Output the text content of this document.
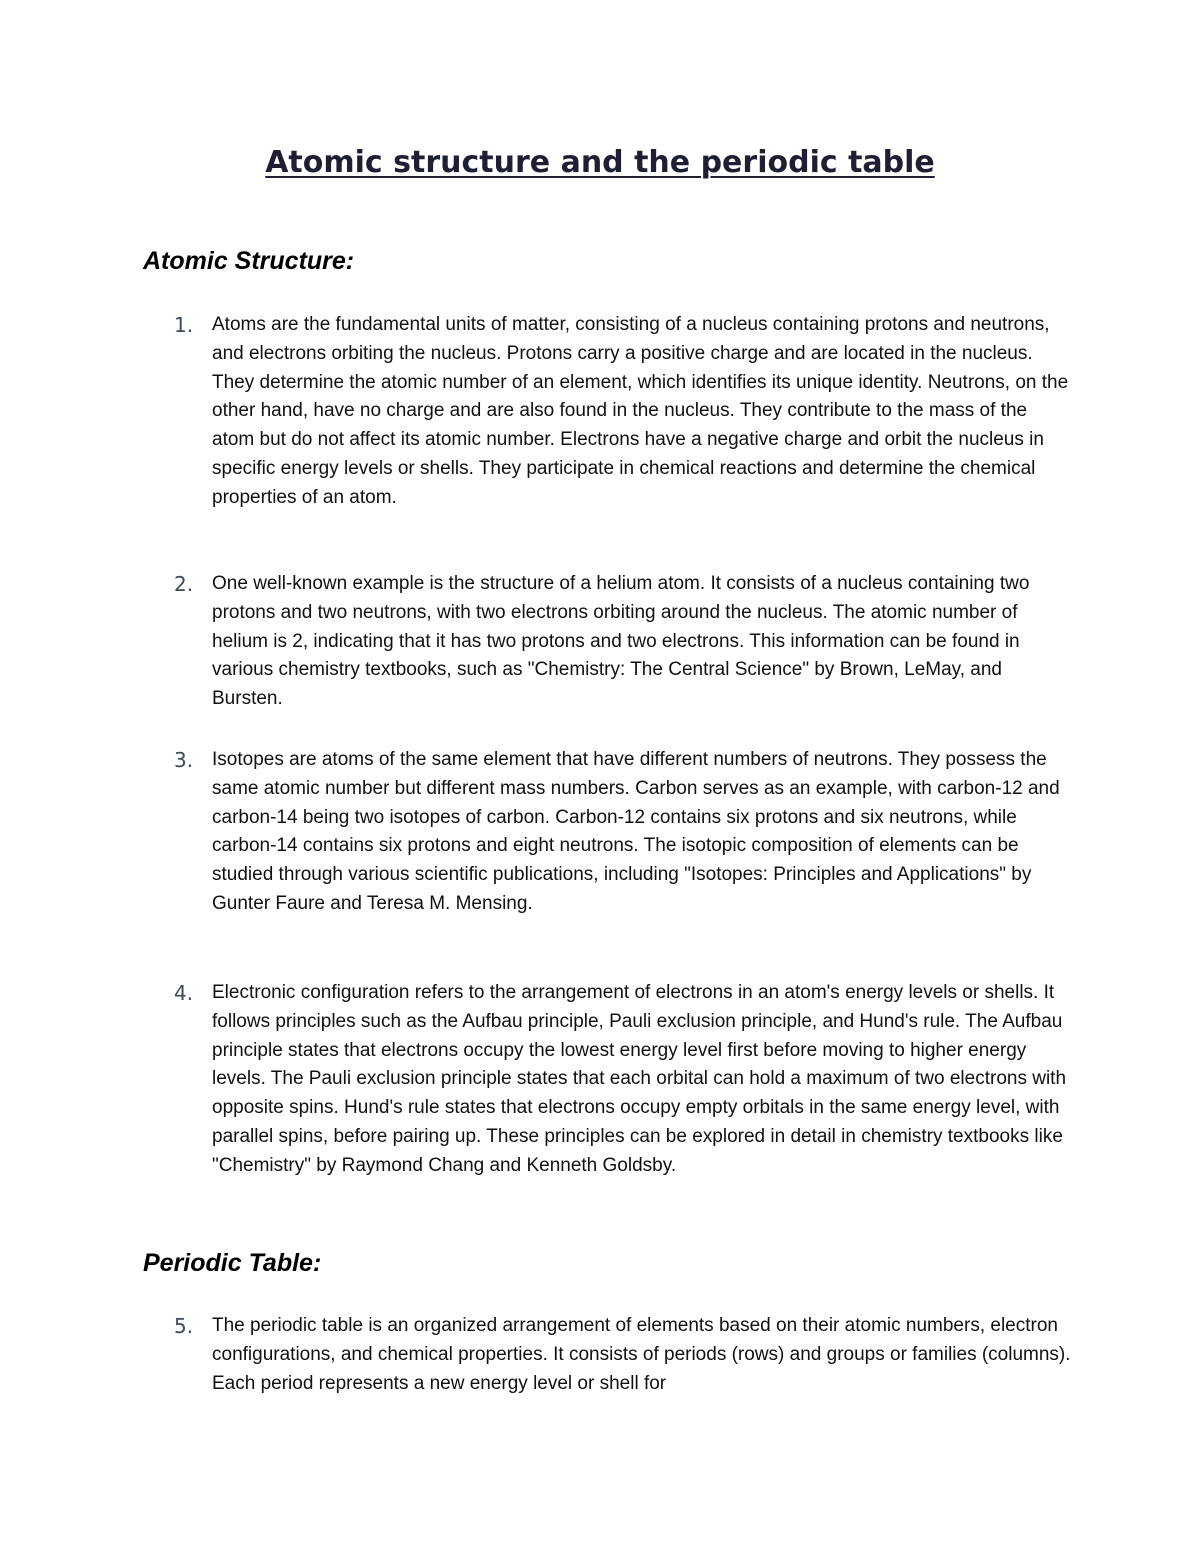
Atomic structure and the periodic table
Atomic Structure:
1. Atoms are the fundamental units of matter, consisting of a nucleus containing protons and neutrons, and electrons orbiting the nucleus. Protons carry a positive charge and are located in the nucleus. They determine the atomic number of an element, which identifies its unique identity. Neutrons, on the other hand, have no charge and are also found in the nucleus. They contribute to the mass of the atom but do not affect its atomic number. Electrons have a negative charge and orbit the nucleus in specific energy levels or shells. They participate in chemical reactions and determine the chemical properties of an atom.

2. One well-known example is the structure of a helium atom. It consists of a nucleus containing two protons and two neutrons, with two electrons orbiting around the nucleus. The atomic number of helium is 2, indicating that it has two protons and two electrons. This information can be found in various chemistry textbooks, such as "Chemistry: The Central Science" by Brown, LeMay, and Bursten.

3. Isotopes are atoms of the same element that have different numbers of neutrons. They possess the same atomic number but different mass numbers. Carbon serves as an example, with carbon-12 and carbon-14 being two isotopes of carbon. Carbon-12 contains six protons and six neutrons, while carbon-14 contains six protons and eight neutrons. The isotopic composition of elements can be studied through various scientific publications, including "Isotopes: Principles and Applications" by Gunter Faure and Teresa M. Mensing.

4. Electronic configuration refers to the arrangement of electrons in an atom's energy levels or shells. It follows principles such as the Aufbau principle, Pauli exclusion principle, and Hund's rule. The Aufbau principle states that electrons occupy the lowest energy level first before moving to higher energy levels. The Pauli exclusion principle states that each orbital can hold a maximum of two electrons with opposite spins. Hund's rule states that electrons occupy empty orbitals in the same energy level, with parallel spins, before pairing up. These principles can be explored in detail in chemistry textbooks like "Chemistry" by Raymond Chang and Kenneth Goldsby.

Periodic Table:
5. The periodic table is an organized arrangement of elements based on their atomic numbers, electron configurations, and chemical properties. It consists of periods (rows) and groups or families (columns). Each period represents a new energy level or shell for
